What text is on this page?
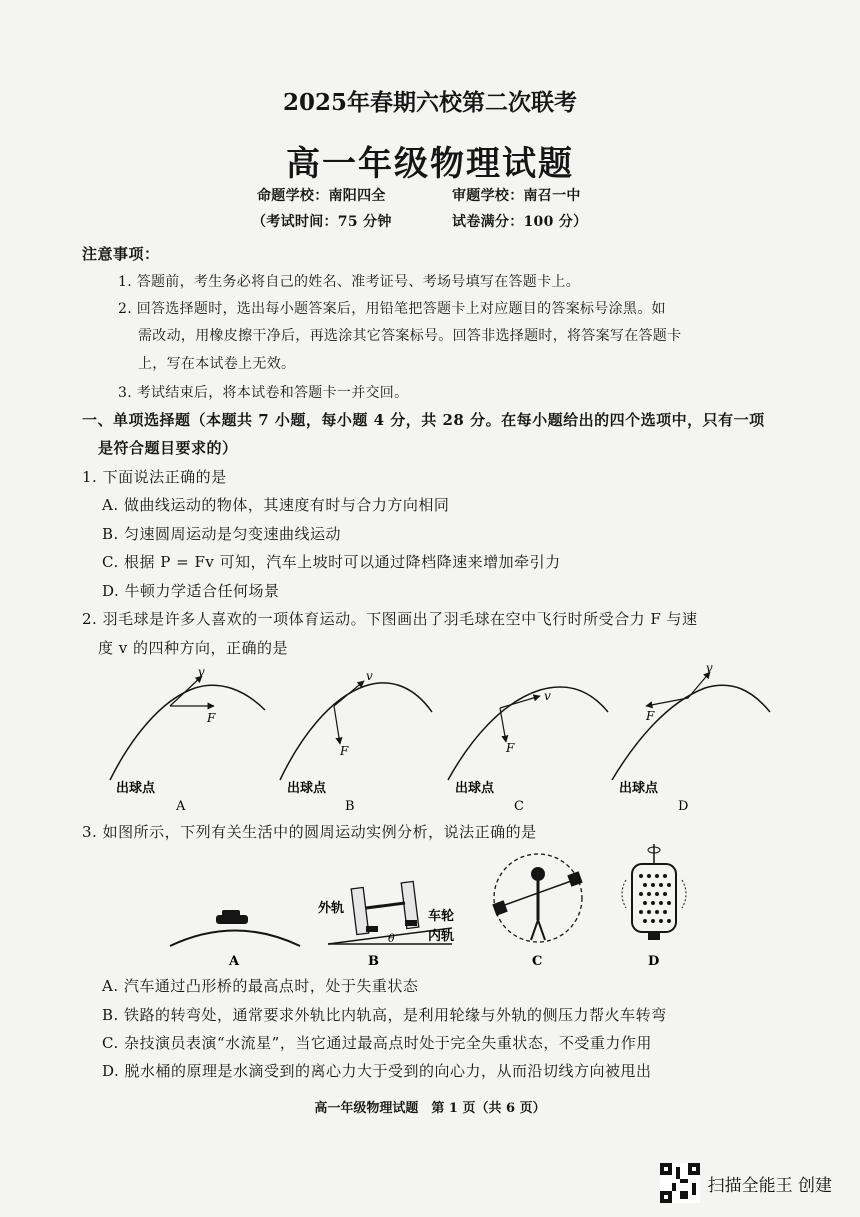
2025年春期六校第二次联考
高一年级物理试题
命题学校：南阳四全	审题学校：南召一中
（考试时间：75 分钟	试卷满分：100 分）
注意事项：
1. 答题前，考生务必将自己的姓名、准考证号、考场号填写在答题卡上。
2. 回答选择题时，选出每小题答案后，用铅笔把答题卡上对应题目的答案标号涂黑。如
需改动，用橡皮擦干净后，再选涂其它答案标号。回答非选择题时，将答案写在答题卡
上，写在本试卷上无效。
3. 考试结束后，将本试卷和答题卡一并交回。
一、单项选择题（本题共 7 小题，每小题 4 分，共 28 分。在每小题给出的四个选项中，只有一项
是符合题目要求的）
1. 下面说法正确的是
A. 做曲线运动的物体，其速度有时与合力方向相同
B. 匀速圆周运动是匀变速曲线运动
C. 根据 P = Fv 可知，汽车上坡时可以通过降档降速来增加牵引力
D. 牛顿力学适合任何场景
2. 羽毛球是许多人喜欢的一项体育运动。下图画出了羽毛球在空中飞行时所受合力 F 与速
度 v 的四种方向，正确的是
v
F
出球点
A
v
F
出球点
B
v
F
出球点
C
v
F
出球点
D
A
外轨
车轮
内轨
θ
B	C	D
3. 如图所示，下列有关生活中的圆周运动实例分析，说法正确的是
A. 汽车通过凸形桥的最高点时，处于失重状态
B. 铁路的转弯处，通常要求外轨比内轨高，是利用轮缘与外轨的侧压力帮火车转弯
C. 杂技演员表演“水流星”，当它通过最高点时处于完全失重状态，不受重力作用
D. 脱水桶的原理是水滴受到的离心力大于受到的向心力，从而沿切线方向被甩出
高一年级物理试题　第 1 页（共 6 页）
扫描全能王 创建
